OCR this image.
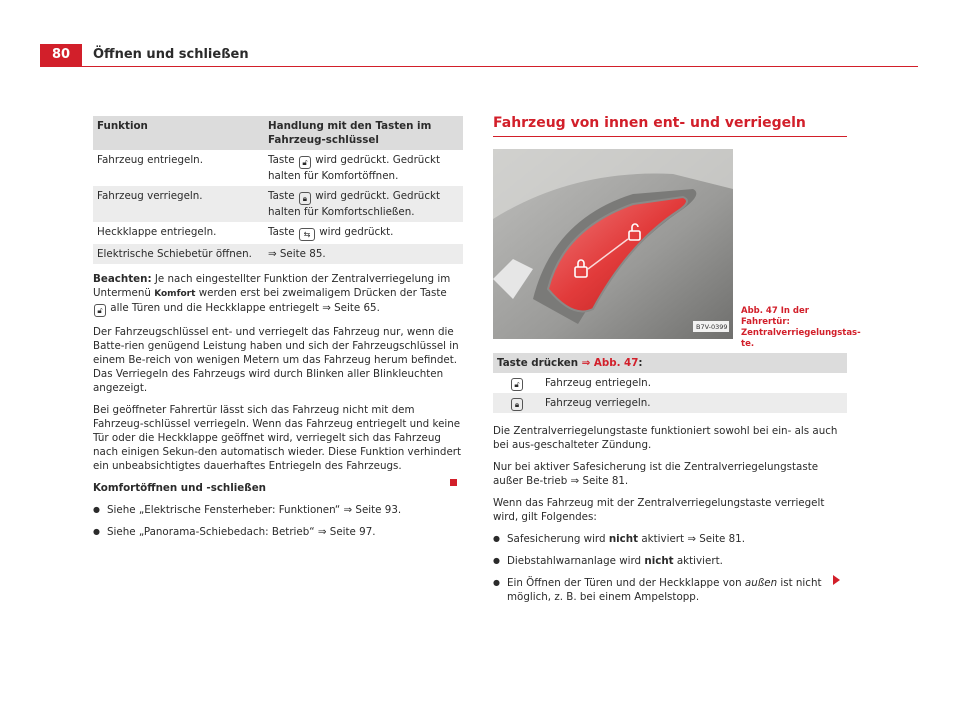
80	Öffnen und schließen
Funktion	Handlung mit den Tasten im Fahrzeug-schlüssel
Fahrzeug entriegeln.	Taste 🔓︎ wird gedrückt. Gedrückt halten für Komfortöffnen.
Fahrzeug verriegeln.	Taste 🔒︎ wird gedrückt. Gedrückt halten für Komfortschließen.
Heckklappe entriegeln.	Taste ⇆ wird gedrückt.
Elektrische Schiebetür öffnen.	⇒ Seite 85.

Beachten: Je nach eingestellter Funktion der Zentralverriegelung im Untermenü Komfort werden erst bei zweimaligem Drücken der Taste 🔓︎ alle Türen und die Heckklappe entriegelt ⇒ Seite 65.

Der Fahrzeugschlüssel ent- und verriegelt das Fahrzeug nur, wenn die Batte-rien genügend Leistung haben und sich der Fahrzeugschlüssel in einem Be-reich von wenigen Metern um das Fahrzeug herum befindet. Das Verriegeln des Fahrzeugs wird durch Blinken aller Blinkleuchten angezeigt.

Bei geöffneter Fahrertür lässt sich das Fahrzeug nicht mit dem Fahrzeug-schlüssel verriegeln. Wenn das Fahrzeug entriegelt und keine Tür oder die Heckklappe geöffnet wird, verriegelt sich das Fahrzeug nach einigen Sekun-den automatisch wieder. Diese Funktion verhindert ein unbeabsichtigtes dauerhaftes Entriegeln des Fahrzeugs.

Komfortöffnen und -schließen

● Siehe „Elektrische Fensterheber: Funktionen“ ⇒ Seite 93.
● Siehe „Panorama-Schiebedach: Betrieb“ ⇒ Seite 97.
Fahrzeug von innen ent- und verriegeln
B7V-0399
Abb. 47 In der Fahrertür: Zentralverriegelungstas-te.
Taste drücken ⇒ Abb. 47:	
🔓︎	Fahrzeug entriegeln.
🔒︎	Fahrzeug verriegeln.

Die Zentralverriegelungstaste funktioniert sowohl bei ein- als auch bei aus-geschalteter Zündung.

Nur bei aktiver Safesicherung ist die Zentralverriegelungstaste außer Be-trieb ⇒ Seite 81.

Wenn das Fahrzeug mit der Zentralverriegelungstaste verriegelt wird, gilt Folgendes:

● Safesicherung wird nicht aktiviert ⇒ Seite 81.
● Diebstahlwarnanlage wird nicht aktiviert.
● Ein Öffnen der Türen und der Heckklappe von außen ist nicht möglich, z. B. bei einem Ampelstopp.
